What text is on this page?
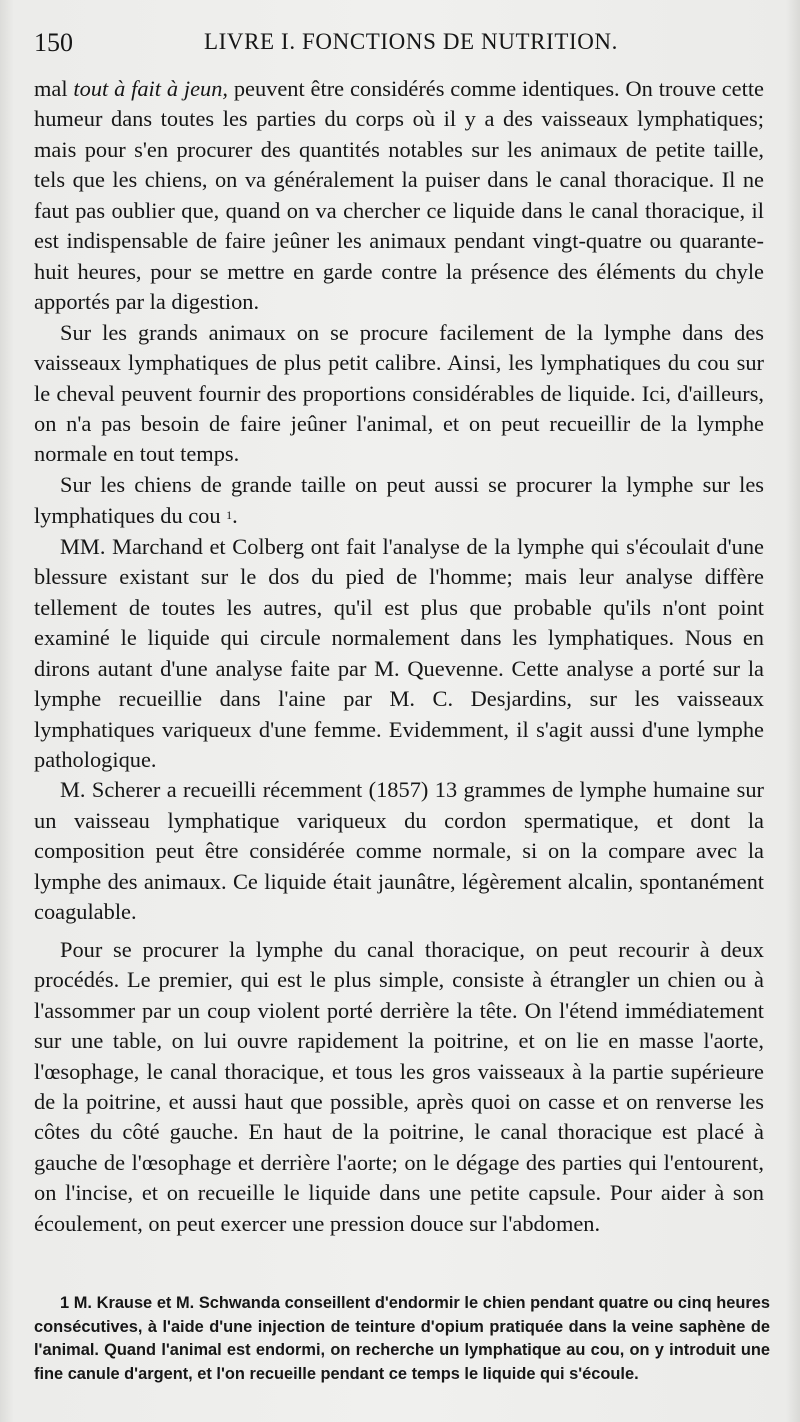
150	LIVRE I. FONCTIONS DE NUTRITION.

mal tout à fait à jeun, peuvent être considérés comme identiques. On trouve cette humeur dans toutes les parties du corps où il y a des vaisseaux lymphatiques; mais pour s'en procurer des quantités notables sur les animaux de petite taille, tels que les chiens, on va généralement la puiser dans le canal thoracique. Il ne faut pas oublier que, quand on va chercher ce liquide dans le canal thoracique, il est indispensable de faire jeûner les animaux pendant vingt-quatre ou quarante-huit heures, pour se mettre en garde contre la présence des éléments du chyle apportés par la digestion.

Sur les grands animaux on se procure facilement de la lymphe dans des vaisseaux lymphatiques de plus petit calibre. Ainsi, les lymphatiques du cou sur le cheval peuvent fournir des proportions considérables de liquide. Ici, d'ailleurs, on n'a pas besoin de faire jeûner l'animal, et on peut recueillir de la lymphe normale en tout temps.

Sur les chiens de grande taille on peut aussi se procurer la lymphe sur les lymphatiques du cou $^1$.

MM. Marchand et Colberg ont fait l'analyse de la lymphe qui s'écoulait d'une blessure existant sur le dos du pied de l'homme; mais leur analyse diffère tellement de toutes les autres, qu'il est plus que probable qu'ils n'ont point examiné le liquide qui circule normalement dans les lymphatiques. Nous en dirons autant d'une analyse faite par M. Quevenne. Cette analyse a porté sur la lymphe recueillie dans l'aine par M. C. Desjardins, sur les vaisseaux lymphatiques variqueux d'une femme. Evidemment, il s'agit aussi d'une lymphe pathologique.

M. Scherer a recueilli récemment (1857) 13 grammes de lymphe humaine sur un vaisseau lymphatique variqueux du cordon spermatique, et dont la composition peut être considérée comme normale, si on la compare avec la lymphe des animaux. Ce liquide était jaunâtre, légèrement alcalin, spontanément coagulable.

Pour se procurer la lymphe du canal thoracique, on peut recourir à deux procédés. Le premier, qui est le plus simple, consiste à étrangler un chien ou à l'assommer par un coup violent porté derrière la tête. On l'étend immédiatement sur une table, on lui ouvre rapidement la poitrine, et on lie en masse l'aorte, l'œsophage, le canal thoracique, et tous les gros vaisseaux à la partie supérieure de la poitrine, et aussi haut que possible, après quoi on casse et on renverse les côtes du côté gauche. En haut de la poitrine, le canal thoracique est placé à gauche de l'œsophage et derrière l'aorte; on le dégage des parties qui l'entourent, on l'incise, et on recueille le liquide dans une petite capsule. Pour aider à son écoulement, on peut exercer une pression douce sur l'abdomen.

1 M. Krause et M. Schwanda conseillent d'endormir le chien pendant quatre ou cinq heures consécutives, à l'aide d'une injection de teinture d'opium pratiquée dans la veine saphène de l'animal. Quand l'animal est endormi, on recherche un lymphatique au cou, on y introduit une fine canule d'argent, et l'on recueille pendant ce temps le liquide qui s'écoule.
